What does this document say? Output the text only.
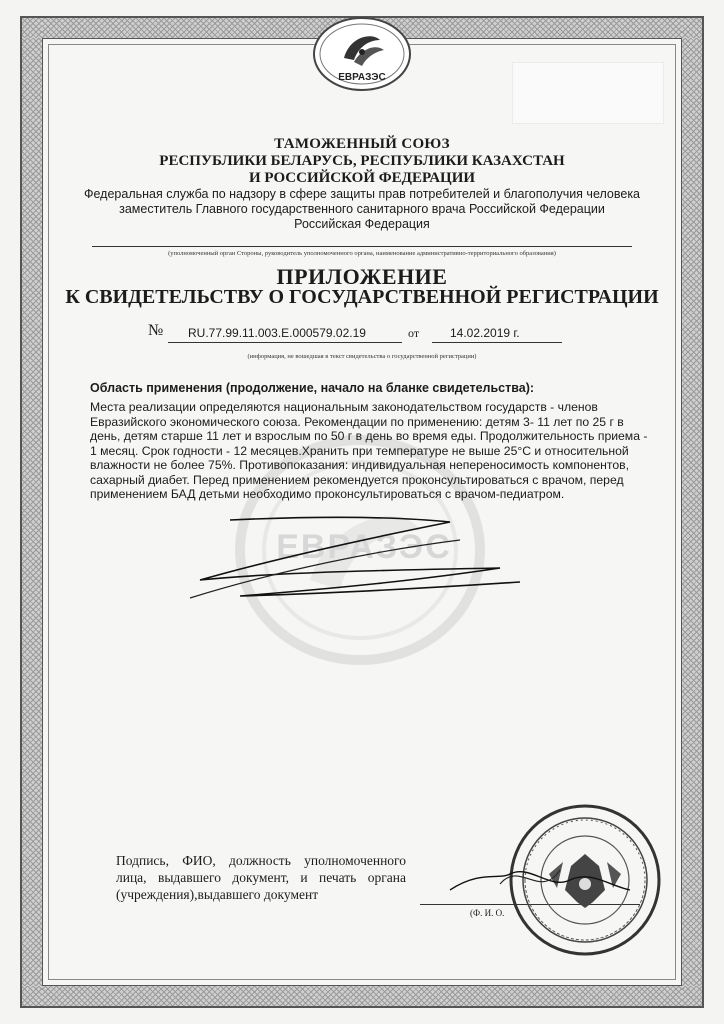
ЕВРАЗЭС
ЕВРАЗЭС
ТАМОЖЕННЫЙ СОЮЗ
РЕСПУБЛИКИ БЕЛАРУСЬ, РЕСПУБЛИКИ КАЗАХСТАН
И РОССИЙСКОЙ ФЕДЕРАЦИИ
Федеральная служба по надзору в сфере защиты прав потребителей и благополучия человека
заместитель Главного государственного санитарного врача Российской Федерации
Российская Федерация
(уполномоченный орган Стороны, руководитель уполномоченного органа, наименование административно-территориального образования)
ПРИЛОЖЕНИЕ
К СВИДЕТЕЛЬСТВУ О ГОСУДАРСТВЕННОЙ РЕГИСТРАЦИИ
№ RU.77.99.11.003.Е.000579.02.19	от	14.02.2019 г.
(информация, не вошедшая в текст свидетельства о государственной регистрации)
Область применения (продолжение, начало на бланке свидетельства):
Места реализации определяются национальным законодательством государств - членов
Евразийского экономического союза. Рекомендации по применению: детям 3- 11 лет по 25 г в
день, детям старше 11 лет и взрослым по 50 г в день во время еды. Продолжительность приема -
1 месяц. Срок годности - 12 месяцев.Хранить при температуре не выше 25°С и относительной
влажности не более 75%. Противопоказания: индивидуальная непереносимость компонентов,
сахарный диабет. Перед применением рекомендуется проконсультироваться с врачом, перед
применением БАД детьми необходимо проконсультироваться с врачом-педиатром.
Подпись, ФИО, должность уполномоченного лица, выдавшего документ, и печать органа (учреждения),выдавшего документ
(Ф. И. О.
